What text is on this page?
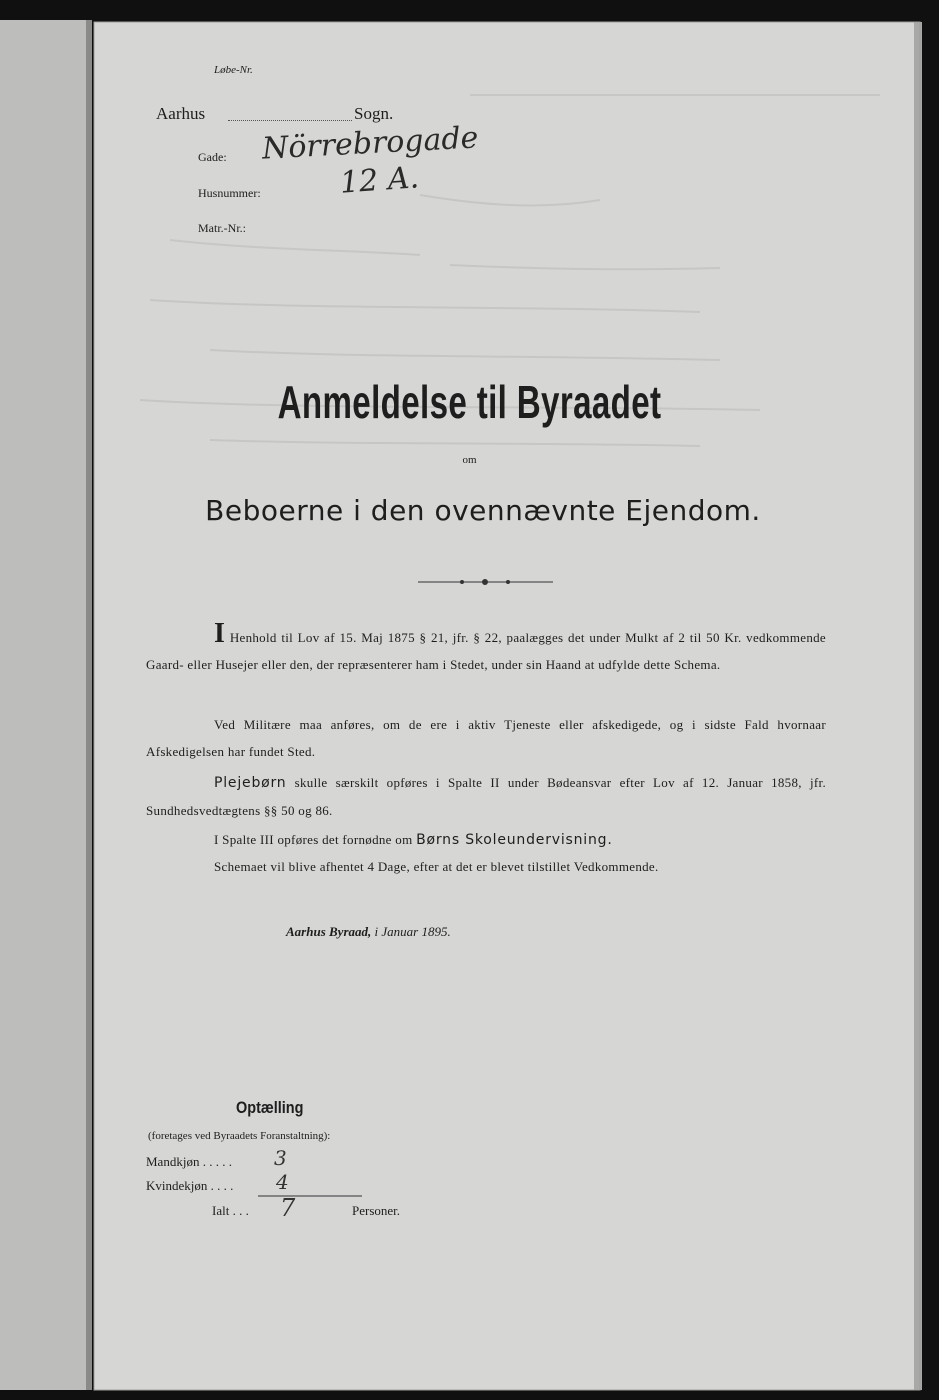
Løbe-Nr.
Aarhus	Sogn.
Gade: Nörrebrogade
Husnummer:	12 A.
Matr.-Nr.:
Anmeldelse til Byraadet
om
Beboerne i den ovennævnte Ejendom.

I Henhold til Lov af 15. Maj 1875 § 21, jfr. § 22, paalægges det under Mulkt af 2 til 50 Kr. vedkommende Gaard- eller Husejer eller den, der repræsenterer ham i Stedet, under sin Haand at udfylde dette Schema.

Ved Militære maa anføres, om de ere i aktiv Tjeneste eller afskedigede, og i sidste Fald hvornaar Afskedigelsen har fundet Sted.

Plejebørn skulle særskilt opføres i Spalte II under Bødeansvar efter Lov af 12. Januar 1858, jfr. Sundhedsvedtægtens §§ 50 og 86.

I Spalte III opføres det fornødne om Børns Skoleundervisning.

Schemaet vil blive afhentet 4 Dage, efter at det er blevet tilstillet Vedkommende.

Aarhus Byraad, i Januar 1895.
Optælling
(foretages ved Byraadets Foranstaltning):
Mandkjøn . . . . . 3
Kvindekjøn . . . . 4
Ialt . . . 7	Personer.
